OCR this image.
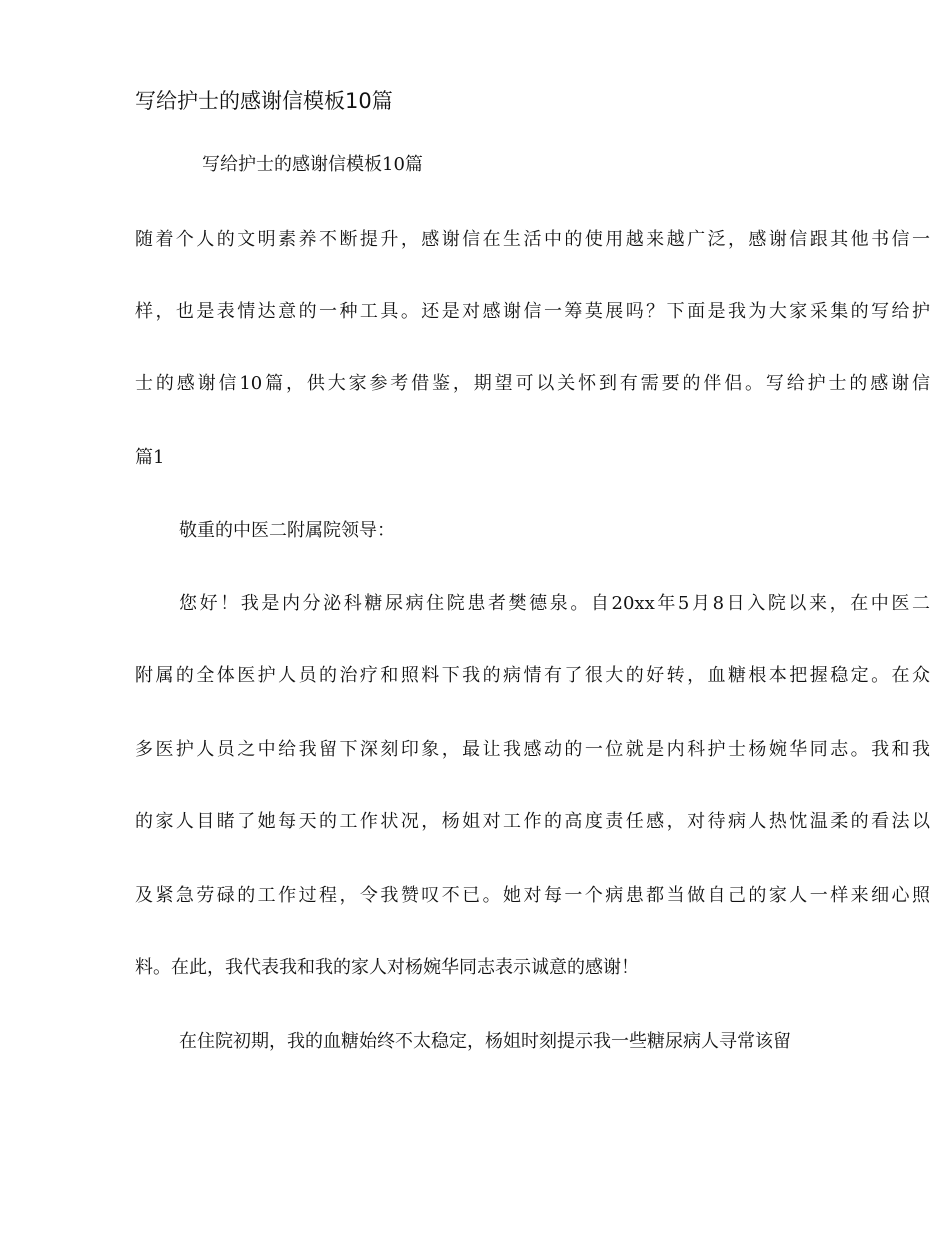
写给护士的感谢信模板10篇

写给护士的感谢信模板10篇

随着个人的文明素养不断提升，感谢信在生活中的使用越来越广泛，感谢信跟其他书信一

样，也是表情达意的一种工具。还是对感谢信一筹莫展吗？下面是我为大家采集的写给护

士的感谢信10篇，供大家参考借鉴，期望可以关怀到有需要的伴侣。写给护士的感谢信

篇1

敬重的中医二附属院领导：

您好！我是内分泌科糖尿病住院患者樊德泉。自20xx年5月8日入院以来，在中医二

附属的全体医护人员的治疗和照料下我的病情有了很大的好转，血糖根本把握稳定。在众

多医护人员之中给我留下深刻印象，最让我感动的一位就是内科护士杨婉华同志。我和我

的家人目睹了她每天的工作状况，杨姐对工作的高度责任感，对待病人热忱温柔的看法以

及紧急劳碌的工作过程，令我赞叹不已。她对每一个病患都当做自己的家人一样来细心照

料。在此，我代表我和我的家人对杨婉华同志表示诚意的感谢！

在住院初期，我的血糖始终不太稳定，杨姐时刻提示我一些糖尿病人寻常该留
